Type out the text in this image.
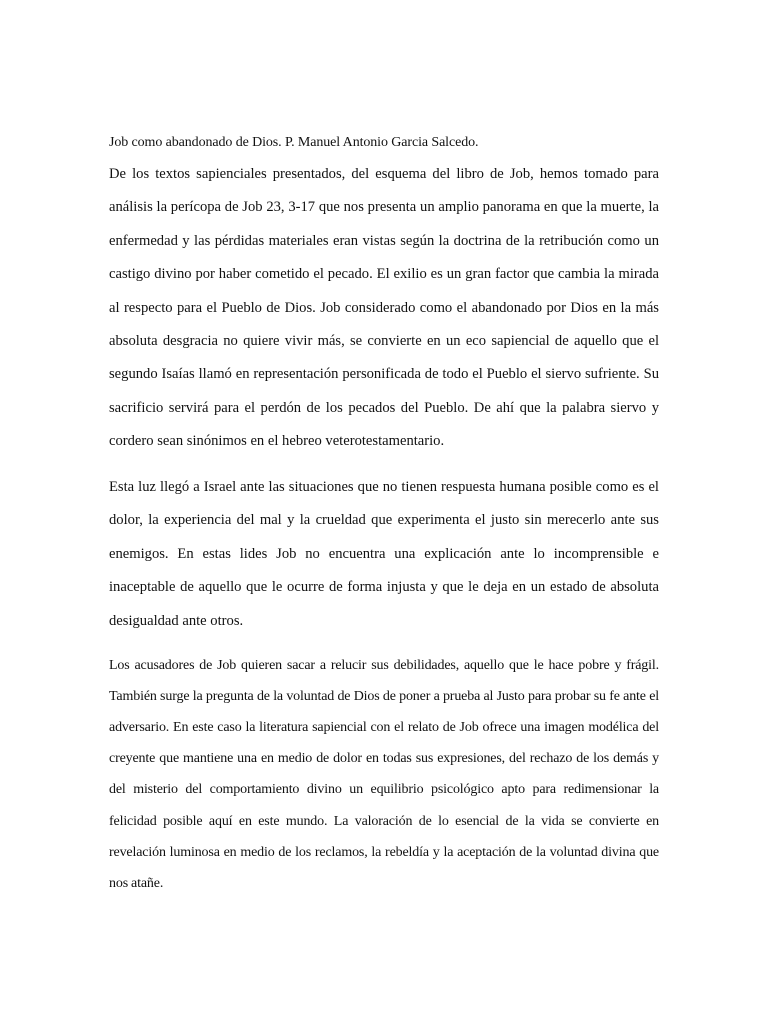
Job como abandonado de Dios. P. Manuel Antonio Garcia Salcedo.

De los textos sapienciales presentados, del esquema del libro de Job, hemos tomado para análisis la perícopa de Job 23, 3-17 que nos presenta un amplio panorama en que la muerte, la enfermedad y las pérdidas materiales eran vistas según la doctrina de la retribución como un castigo divino por haber cometido el pecado. El exilio es un gran factor que cambia la mirada al respecto para el Pueblo de Dios. Job considerado como el abandonado por Dios en la más absoluta desgracia no quiere vivir más, se convierte en un eco sapiencial de aquello que el segundo Isaías llamó en representación personificada de todo el Pueblo el siervo sufriente. Su sacrificio servirá para el perdón de los pecados del Pueblo. De ahí que la palabra siervo y cordero sean sinónimos en el hebreo veterotestamentario.

Esta luz llegó a Israel ante las situaciones que no tienen respuesta humana posible como es el dolor, la experiencia del mal y la crueldad que experimenta el justo sin merecerlo ante sus enemigos. En estas lides Job no encuentra una explicación ante lo incomprensible e inaceptable de aquello que le ocurre de forma injusta y que le deja en un estado de absoluta desigualdad ante otros.

Los acusadores de Job quieren sacar a relucir sus debilidades, aquello que le hace pobre y frágil. También surge la pregunta de la voluntad de Dios de poner a prueba al Justo para probar su fe ante el adversario. En este caso la literatura sapiencial con el relato de Job ofrece una imagen modélica del creyente que mantiene una en medio de dolor en todas sus expresiones, del rechazo de los demás y del misterio del comportamiento divino un equilibrio psicológico apto para redimensionar la felicidad posible aquí en este mundo. La valoración de lo esencial de la vida se convierte en revelación luminosa en medio de los reclamos, la rebeldía y la aceptación de la voluntad divina que nos atañe.
